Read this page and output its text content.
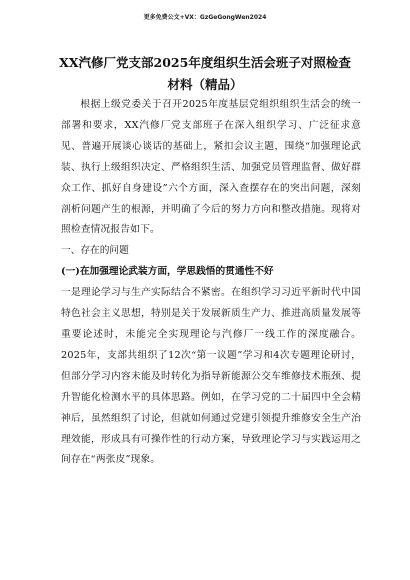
更多免费公文+VX：GzGeGongWen2024
XX汽修厂党支部2025年度组织生活会班子对照检查
材料（精品）

根据上级党委关于召开2025年度基层党组织组织生活会的统一部署和要求，XX汽修厂党支部班子在深入组织学习、广泛征求意见、普遍开展谈心谈话的基础上，紧扣会议主题，围绕“加强理论武装、执行上级组织决定、严格组织生活、加强党员管理监督、做好群众工作、抓好自身建设”六个方面，深入查摆存在的突出问题，深刻剖析问题产生的根源，并明确了今后的努力方向和整改措施。现将对照检查情况报告如下。

一、存在的问题

(一)在加强理论武装方面，学思践悟的贯通性不好

一是理论学习与生产实际结合不紧密。在组织学习习近平新时代中国特色社会主义思想，特别是关于发展新质生产力、推进高质量发展等重要论述时，未能完全实现理论与汽修厂一线工作的深度融合。2025年，支部共组织了12次“第一议题”学习和4次专题理论研讨，但部分学习内容未能及时转化为指导新能源公交车维修技术瓶颈、提升智能化检测水平的具体思路。例如，在学习党的二十届四中全会精神后，虽然组织了讨论，但就如何通过党建引领提升维修安全生产治理效能，形成具有可操作性的行动方案，导致理论学习与实践运用之间存在“两张皮”现象。
